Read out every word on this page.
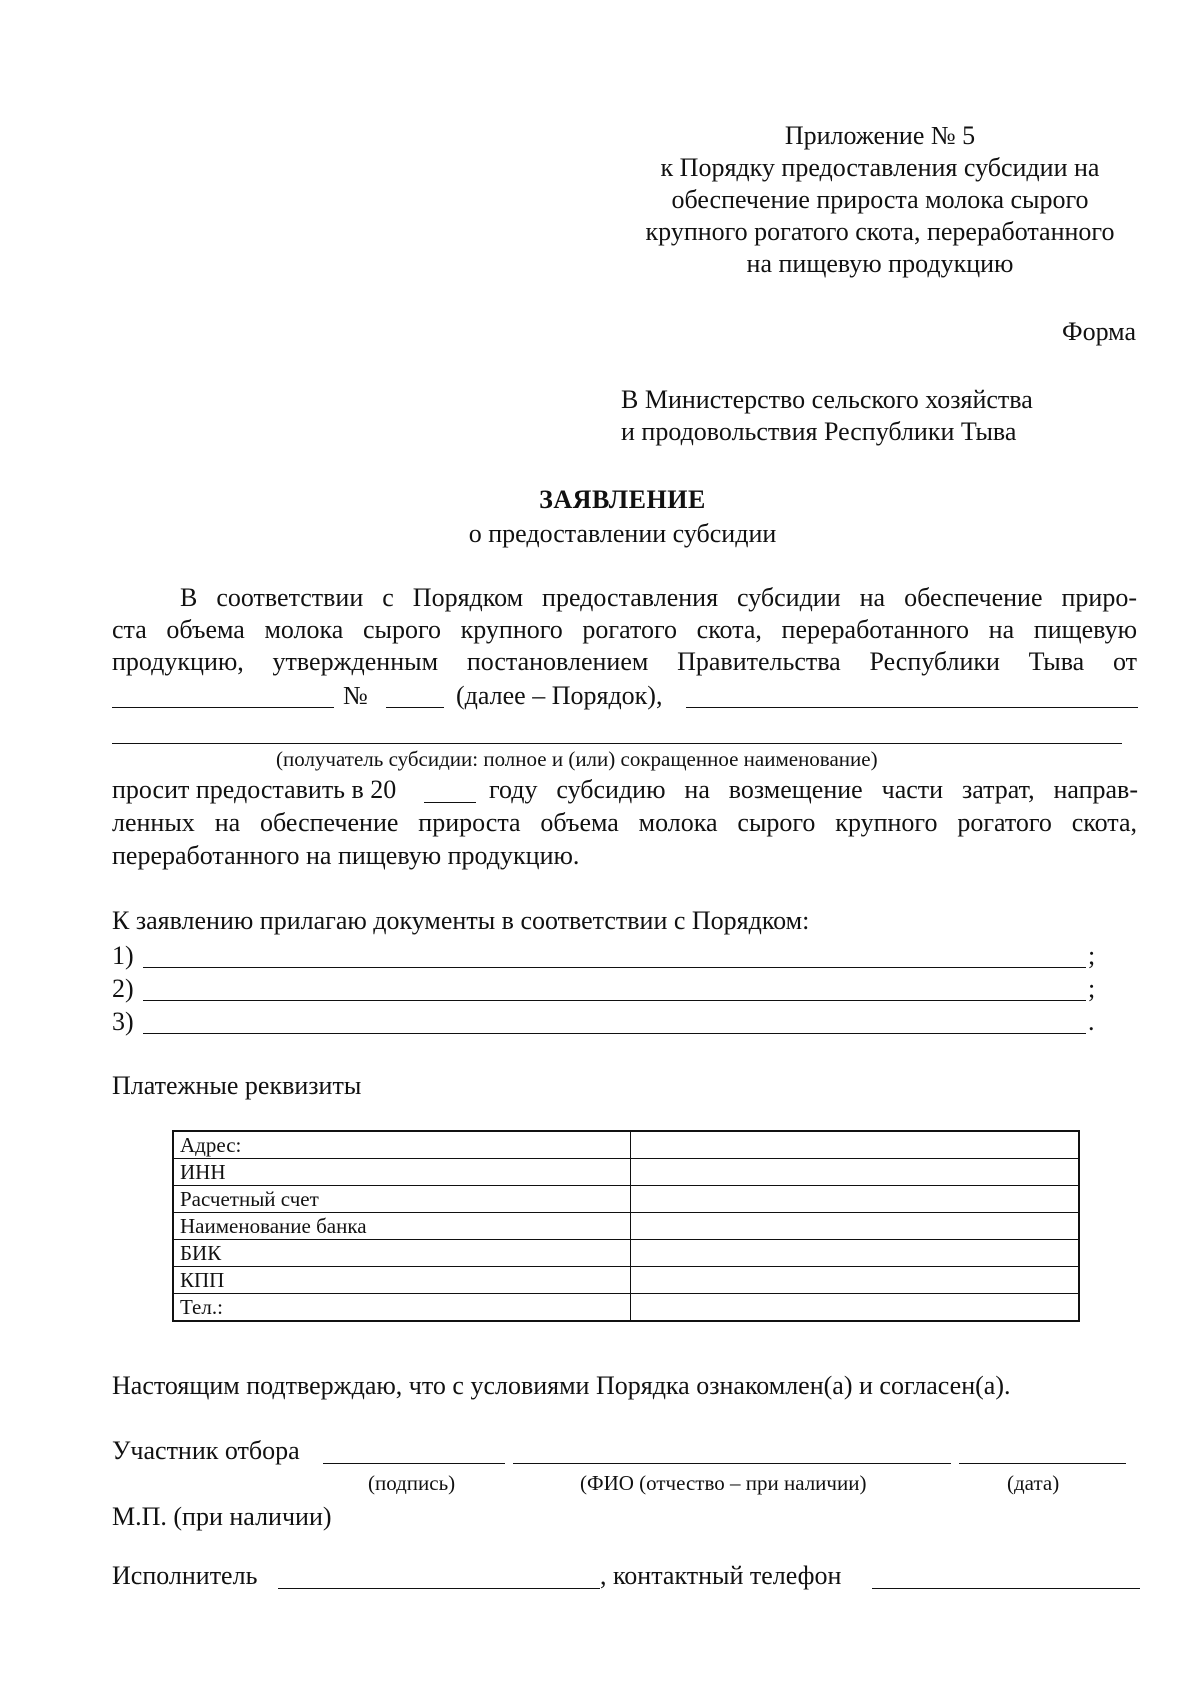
Приложение № 5
к Порядку предоставления субсидии на
обеспечение прироста молока сырого
крупного рогатого скота, переработанного
на пищевую продукцию
Форма
В Министерство сельского хозяйства
и продовольствия Республики Тыва
ЗАЯВЛЕНИЕ
о предоставлении субсидии
В соответствии с Порядком предоставления субсидии на обеспечение приро-
ста объема молока сырого крупного рогатого скота, переработанного на пищевую
продукцию, утвержденным постановлением Правительства Республики Тыва от
№	(далее – Порядок),
(получатель субсидии: полное и (или) сокращенное наименование)
просит предоставить в 20	году субсидию на возмещение части затрат, направ-
ленных на обеспечение прироста объема молока сырого крупного рогатого скота,
переработанного на пищевую продукцию.
К заявлению прилагаю документы в соответствии с Порядком:
1)	;
2)	;
3)	.
Платежные реквизиты
Адрес:	
ИНН	
Расчетный счет	
Наименование банка	
БИК	
КПП	
Тел.:	
Настоящим подтверждаю, что с условиями Порядка ознакомлен(а) и согласен(а).
Участник отбора
(подпись)	(ФИО (отчество – при наличии)	(дата)
М.П. (при наличии)
Исполнитель	, контактный телефон
